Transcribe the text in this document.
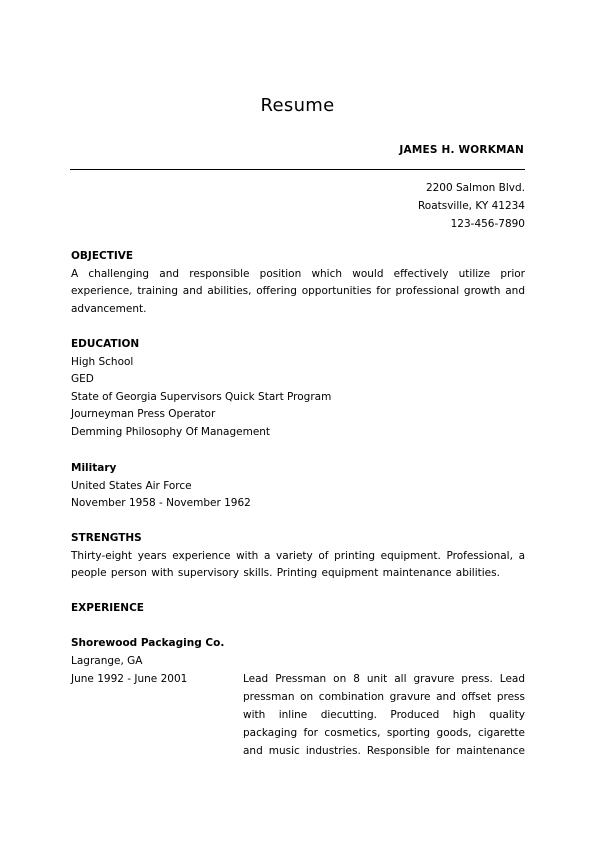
Resume
JAMES H. WORKMAN
2200 Salmon Blvd.
Roatsville, KY 41234
123-456-7890
OBJECTIVE
A challenging and responsible position which would effectively utilize prior experience, training and abilities, offering opportunities for professional growth and advancement.
EDUCATION
High School
GED
State of Georgia Supervisors Quick Start Program
Journeyman Press Operator
Demming Philosophy Of Management
Military
United States Air Force
November 1958 - November 1962
STRENGTHS
Thirty-eight years experience with a variety of printing equipment. Professional, a people person with supervisory skills. Printing equipment maintenance abilities.
EXPERIENCE
Shorewood Packaging Co.
Lagrange, GA
June 1992 - June 2001	Lead Pressman on 8 unit all gravure press. Lead pressman on combination gravure and offset press with inline diecutting. Produced high quality packaging for cosmetics, sporting goods, cigarette and music industries. Responsible for maintenance
